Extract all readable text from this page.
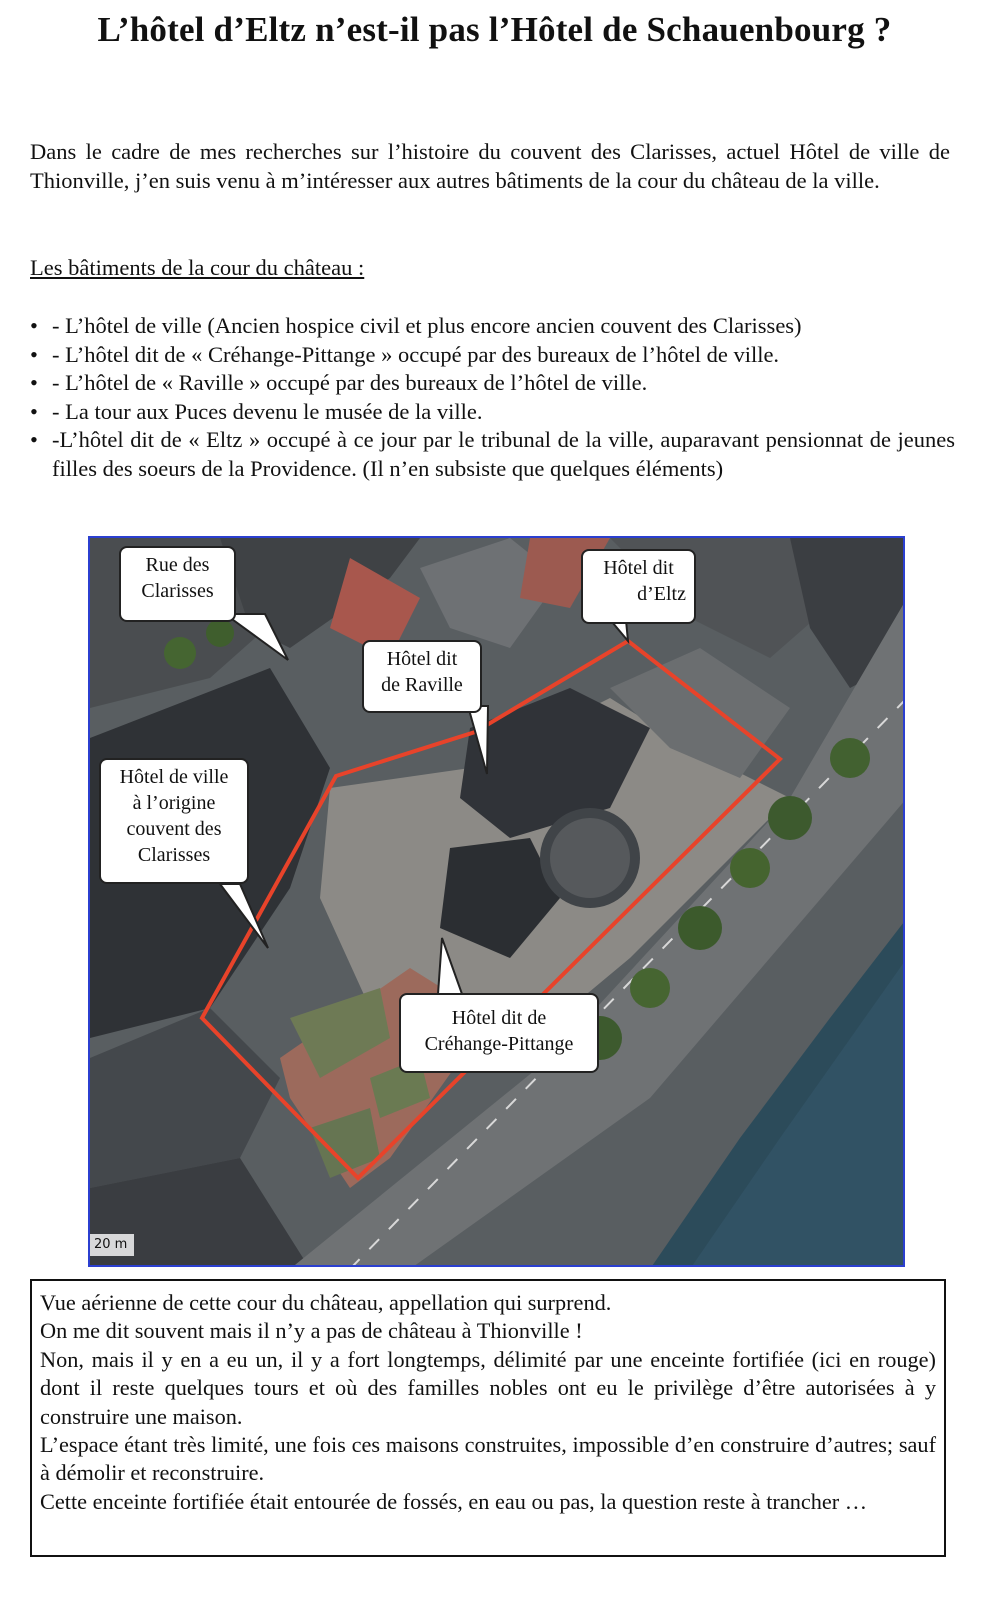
L’hôtel d’Eltz n’est-il pas l’Hôtel de Schauenbourg ?

Dans le cadre de mes recherches sur l’histoire du couvent des Clarisses, actuel Hôtel de ville de Thionville, j’en suis venu à m’intéresser aux autres bâtiments de la cour du château de la ville.

Les bâtiments de la cour du château :

• - L’hôtel de ville (Ancien hospice civil et plus encore ancien couvent des Clarisses)
• - L’hôtel dit de « Créhange-Pittange » occupé par des bureaux de l’hôtel de ville.
• - L’hôtel de « Raville » occupé par des bureaux de l’hôtel de ville.
• - La tour aux Puces devenu le musée de la ville.
• -L’hôtel dit de « Eltz » occupé à ce jour par le tribunal de la ville, auparavant pensionnat de jeunes filles des soeurs de la Providence. (Il n’en subsiste que quelques éléments)
Rue des
Clarisses
Hôtel dit
d’Eltz
Hôtel dit
de Raville
Hôtel de ville
à l’origine
couvent des
Clarisses
Hôtel dit de
Créhange-Pittange
20 m

Vue aérienne de cette cour du château, appellation qui surprend.

On me dit souvent mais il n’y a pas de château à Thionville !

Non, mais il y en a eu un, il y a fort longtemps, délimité par une enceinte fortifiée (ici en rouge) dont il reste quelques tours et où des familles nobles ont eu le privilège d’être autorisées à y construire une maison.

L’espace étant très limité, une fois ces maisons construites, impossible d’en construire d’autres; sauf à démolir et reconstruire.

Cette enceinte fortifiée était entourée de fossés, en eau ou pas, la question reste à trancher …
